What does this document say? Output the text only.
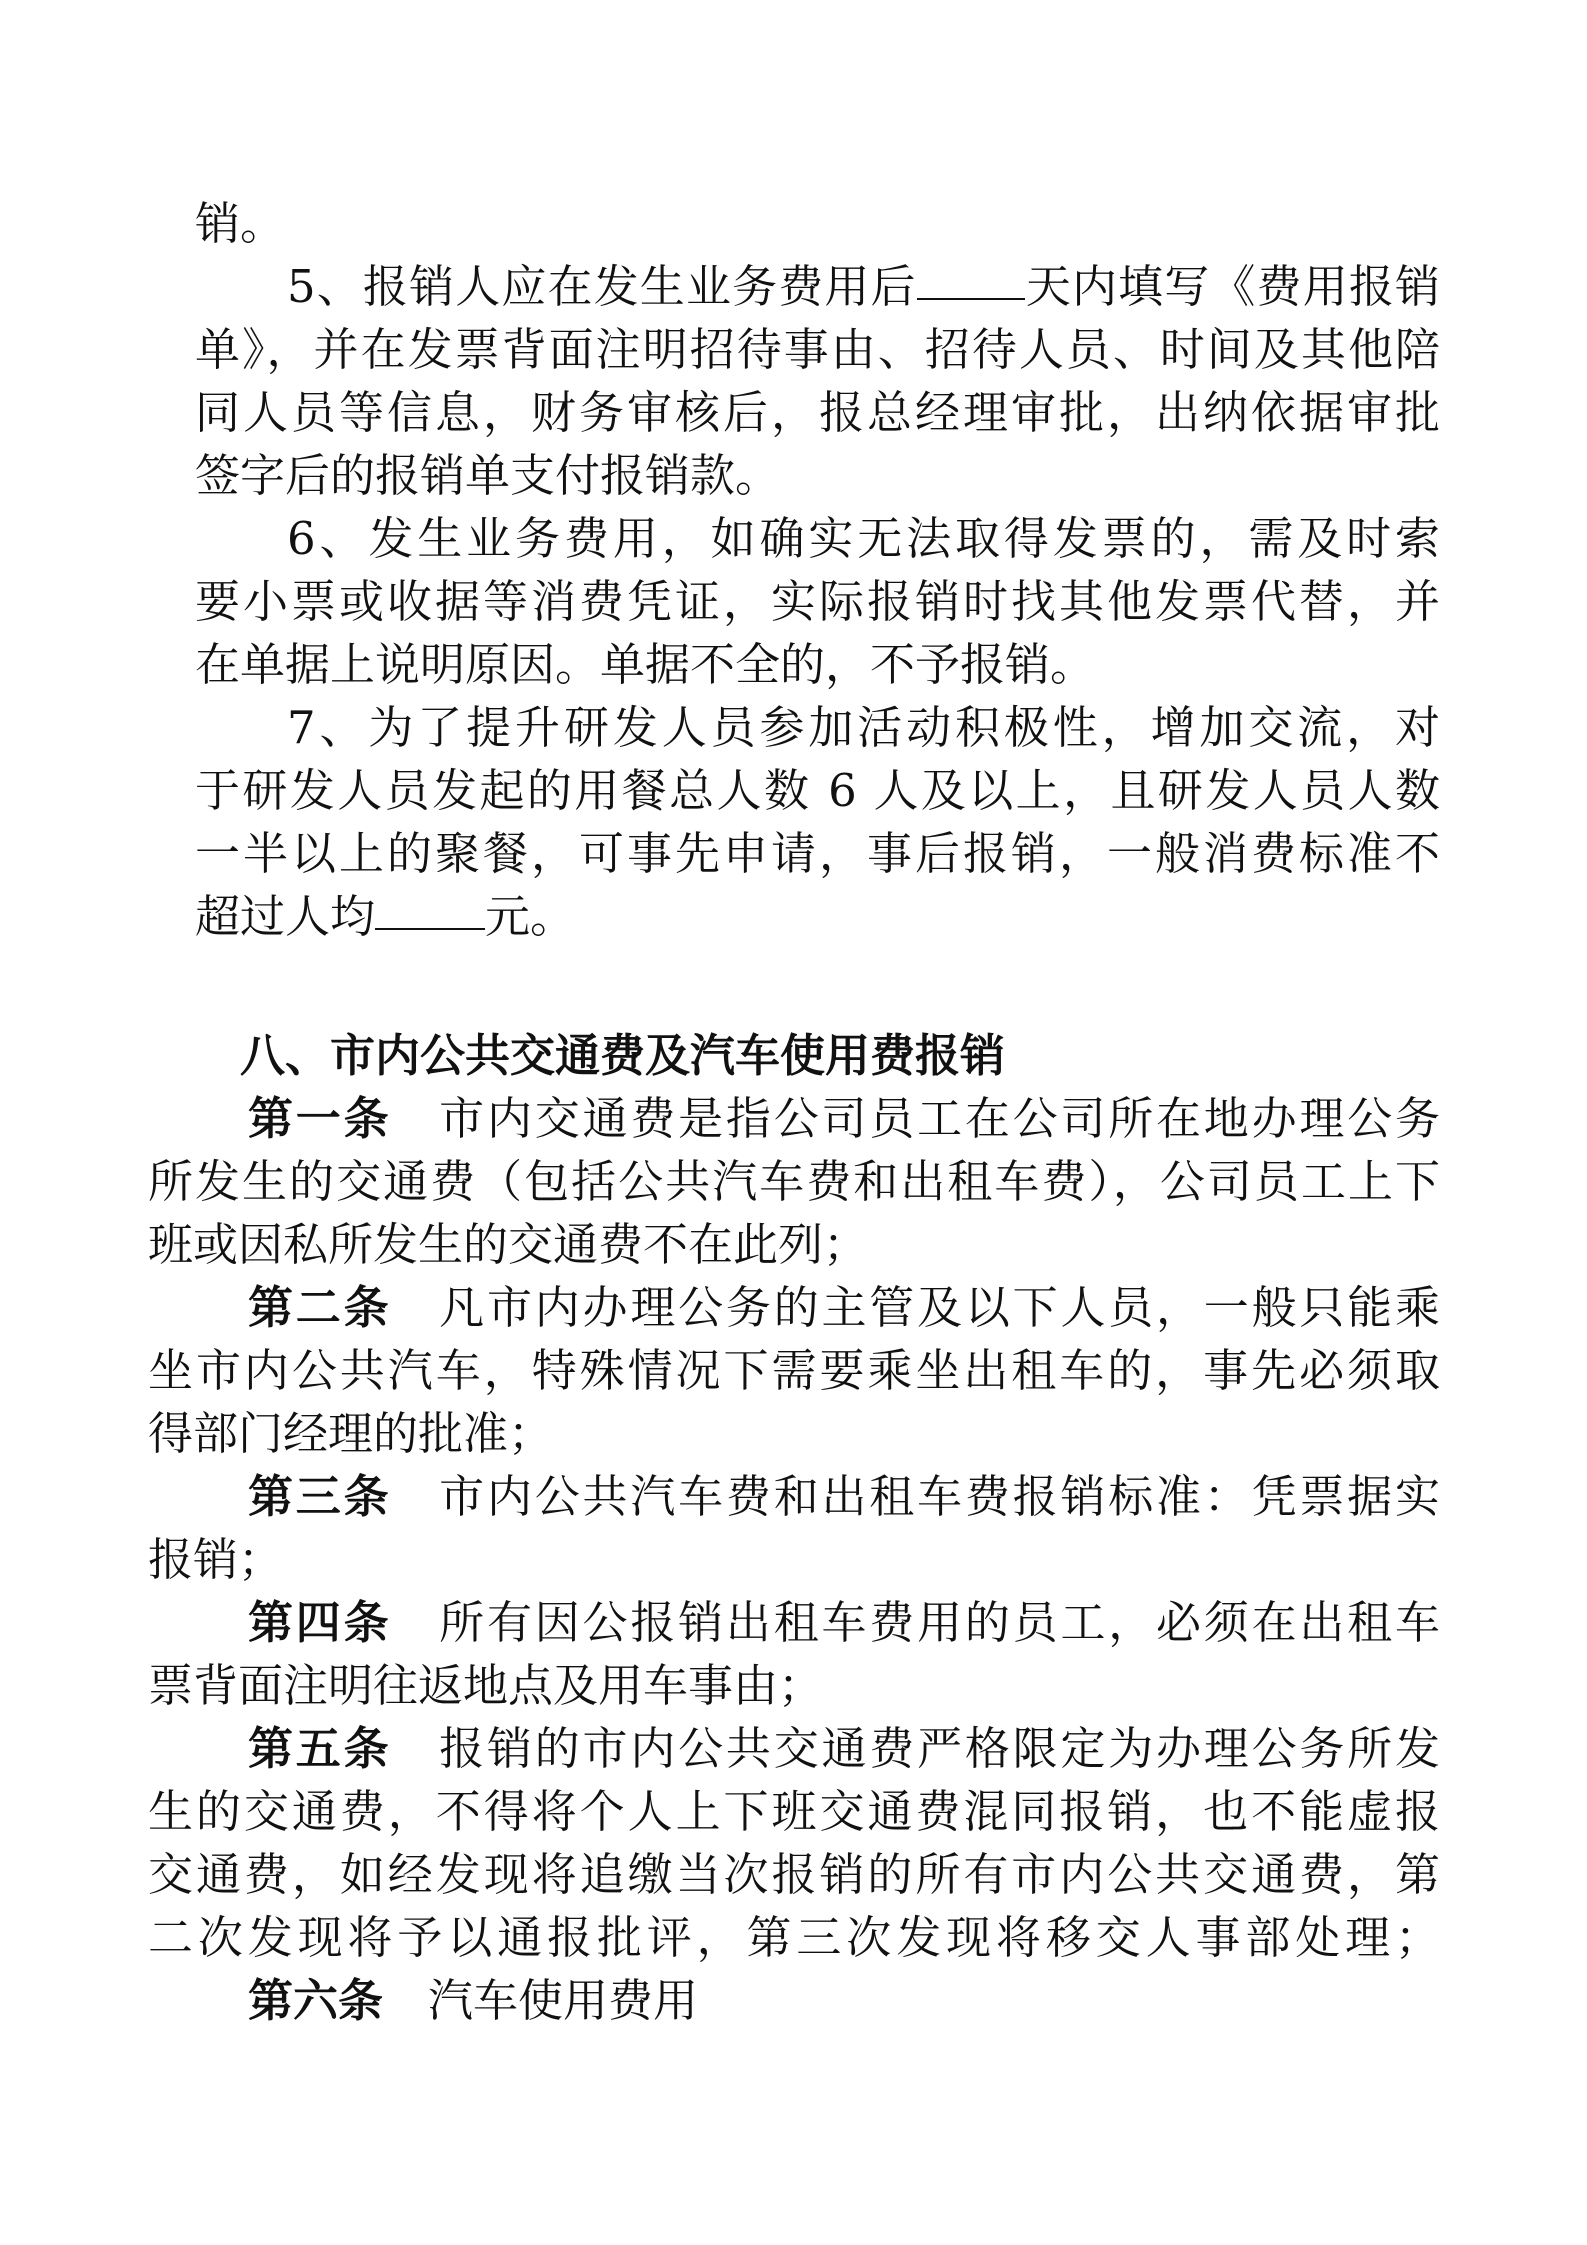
销。
5、报销人应在发生业务费用后 天内填写《费用报销
单》，并在发票背面注明招待事由、招待人员、时间及其他陪
同人员等信息，财务审核后，报总经理审批，出纳依据审批
签字后的报销单支付报销款。
6、发生业务费用，如确实无法取得发票的，需及时索
要小票或收据等消费凭证，实际报销时找其他发票代替，并
在单据上说明原因。单据不全的，不予报销。
7、为了提升研发人员参加活动积极性，增加交流，对
于研发人员发起的用餐总人数 6 人及以上，且研发人员人数
一半以上的聚餐，可事先申请，事后报销，一般消费标准不
超过人均 元。
八、市内公共交通费及汽车使用费报销
第一条　 市内交通费是指公司员工在公司所在地办理公务
所发生的交通费（包括公共汽车费和出租车费），公司员工上下
班或因私所发生的交通费不在此列；
第二条　 凡市内办理公务的主管及以下人员，一般只能乘
坐市内公共汽车，特殊情况下需要乘坐出租车的，事先必须取
得部门经理的批准；
第三条　 市内公共汽车费和出租车费报销标准：凭票据实
报销；
第四条　 所有因公报销出租车费用的员工，必须在出租车
票背面注明往返地点及用车事由；
第五条　 报销的市内公共交通费严格限定为办理公务所发
生的交通费，不得将个人上下班交通费混同报销，也不能虚报
交通费，如经发现将追缴当次报销的所有市内公共交通费，第
二次发现将予以通报批评，第三次发现将移交人事部处理；
第六条　 汽车使用费用
